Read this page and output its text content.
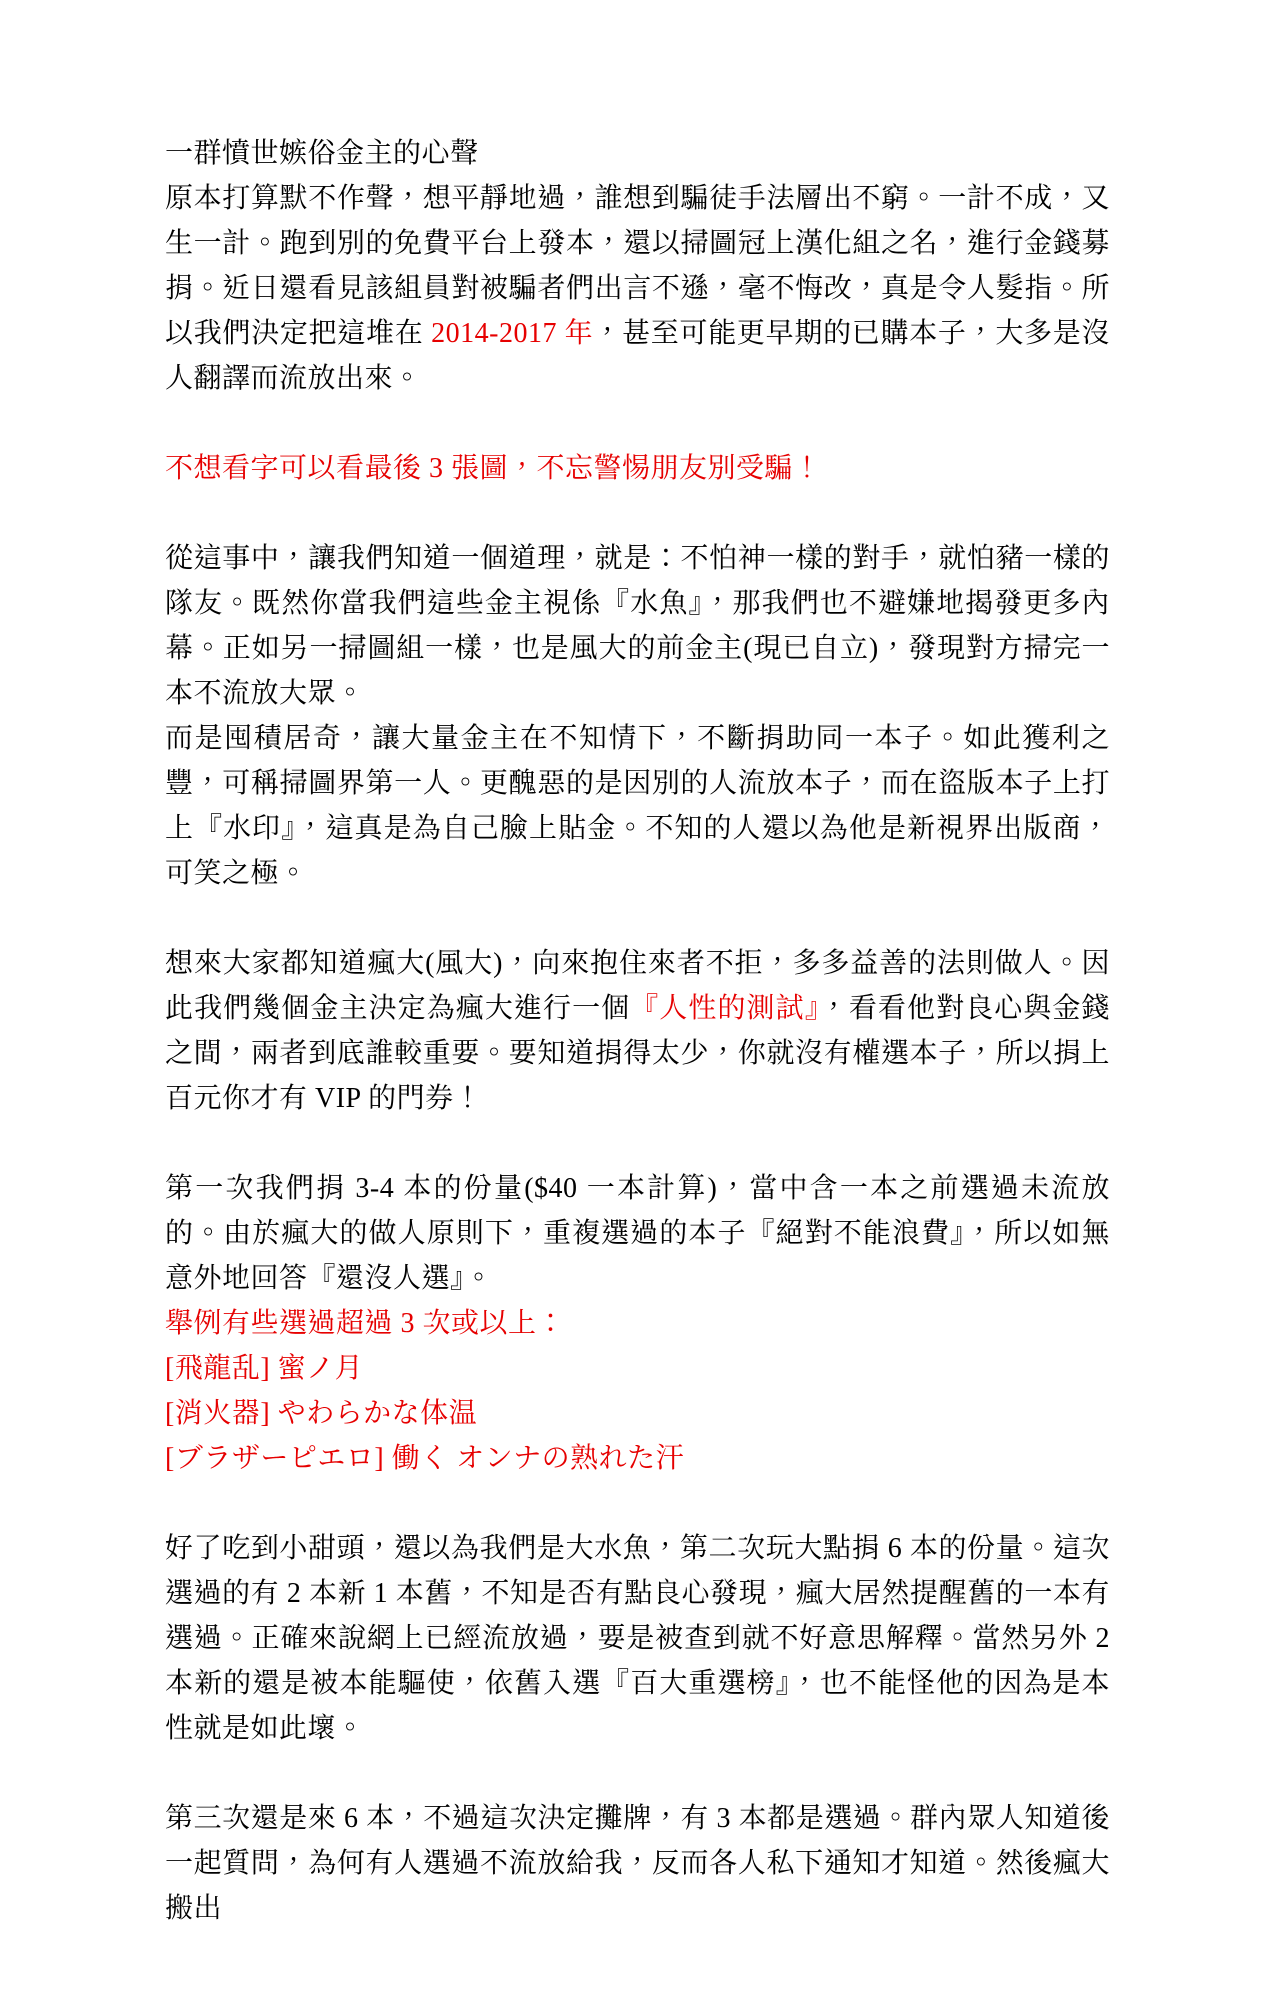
一群憤世嫉俗金主的心聲

原本打算默不作聲，想平靜地過，誰想到騙徒手法層出不窮。一計不成，又生一計。跑到別的免費平台上發本，還以掃圖冠上漢化組之名，進行金錢募捐。近日還看見該組員對被騙者們出言不遜，毫不悔改，真是令人髮指。所以我們決定把這堆在 2014-2017 年，甚至可能更早期的已購本子，大多是沒人翻譯而流放出來。

不想看字可以看最後 3 張圖，不忘警惕朋友別受騙！

從這事中，讓我們知道一個道理，就是：不怕神一樣的對手，就怕豬一樣的隊友。既然你當我們這些金主視係『水魚』，那我們也不避嫌地揭發更多內幕。正如另一掃圖組一樣，也是風大的前金主(現已自立)，發現對方掃完一本不流放大眾。

而是囤積居奇，讓大量金主在不知情下，不斷捐助同一本子。如此獲利之豐，可稱掃圖界第一人。更醜惡的是因別的人流放本子，而在盜版本子上打上『水印』，這真是為自己臉上貼金。不知的人還以為他是新視界出版商，可笑之極。

想來大家都知道瘋大(風大)，向來抱住來者不拒，多多益善的法則做人。因此我們幾個金主決定為瘋大進行一個『人性的測試』，看看他對良心與金錢之間，兩者到底誰較重要。要知道捐得太少，你就沒有權選本子，所以捐上百元你才有 VIP 的門券！

第一次我們捐 3-4 本的份量($40 一本計算)，當中含一本之前選過未流放的。由於瘋大的做人原則下，重複選過的本子『絕對不能浪費』，所以如無意外地回答『還沒人選』。

舉例有些選過超過 3 次或以上：

[飛龍乱] 蜜ノ月

[消火器] やわらかな体温

[ブラザーピエロ] 働く オンナの熟れた汗

好了吃到小甜頭，還以為我們是大水魚，第二次玩大點捐 6 本的份量。這次選過的有 2 本新 1 本舊，不知是否有點良心發現，瘋大居然提醒舊的一本有選過。正確來說網上已經流放過，要是被查到就不好意思解釋。當然另外 2 本新的還是被本能驅使，依舊入選『百大重選榜』，也不能怪他的因為是本性就是如此壞。

第三次還是來 6 本，不過這次決定攤牌，有 3 本都是選過。群內眾人知道後一起質問，為何有人選過不流放給我，反而各人私下通知才知道。然後瘋大搬出
